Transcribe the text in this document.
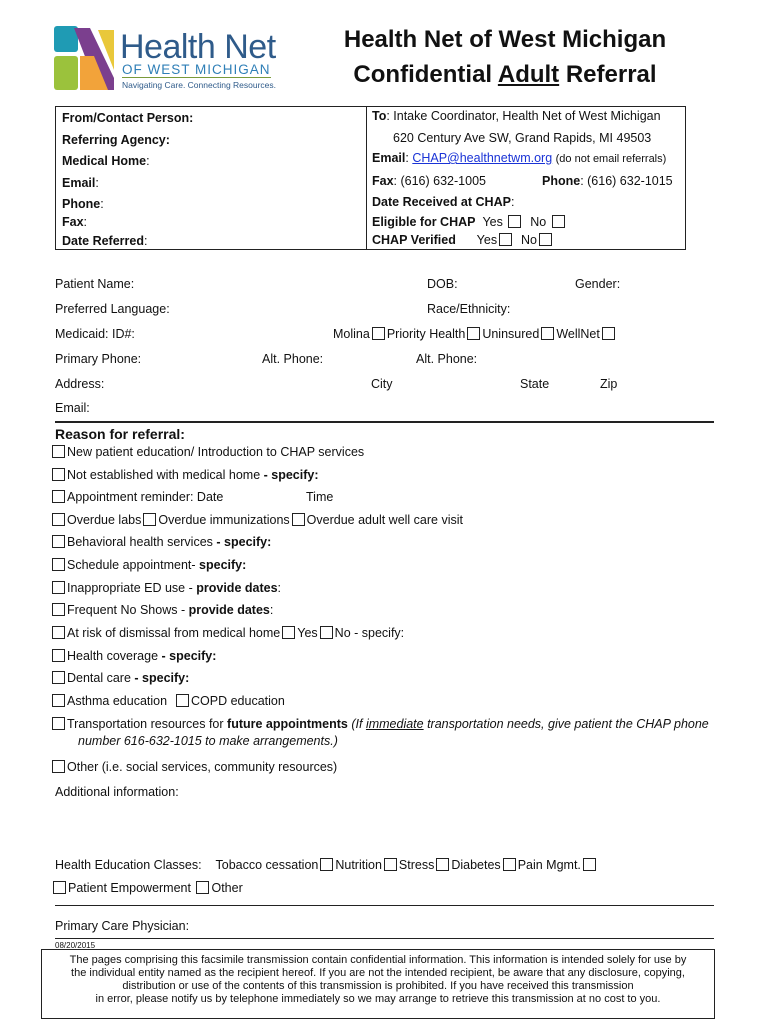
Health Net
OF WEST MICHIGAN
Navigating Care. Connecting Resources.
Health Net of West Michigan
Confidential Adult Referral
From/Contact Person:
Referring Agency:
Medical Home:
Email:
Phone:
Fax:
Date Referred:
To: Intake Coordinator, Health Net of West Michigan
620 Century Ave SW, Grand Rapids, MI 49503
Email: CHAP@healthnetwm.org (do not email referrals)
Fax: (616) 632-1005	Phone: (616) 632-1015
Date Received at CHAP:
Eligible for CHAP Yes No
CHAP Verified Yes No
Patient Name:	DOB:	Gender:
Preferred Language:	Race/Ethnicity:
Medicaid: ID#:	Molina Priority Health Uninsured WellNet
Primary Phone:	Alt. Phone:	Alt. Phone:
Address:	City	State	Zip
Email:
Reason for referral:
New patient education/ Introduction to CHAP services
Not established with medical home - specify:
Appointment reminder: Date	Time
Overdue labs Overdue immunizations Overdue adult well care visit
Behavioral health services - specify:
Schedule appointment- specify:
Inappropriate ED use - provide dates:
Frequent No Shows - provide dates:
At risk of dismissal from medical home Yes No - specify:
Health coverage - specify:
Dental care - specify:
Asthma education COPD education
Transportation resources for future appointments (If immediate transportation needs, give patient the CHAP phone
number 616-632-1015 to make arrangements.)
Other (i.e. social services, community resources)
Additional information:
Health Education Classes: Tobacco cessation Nutrition Stress Diabetes Pain Mgmt.
Patient Empowerment Other
Primary Care Physician:
08/20/2015
The pages comprising this facsimile transmission contain confidential information. This information is intended solely for use by
the individual entity named as the recipient hereof. If you are not the intended recipient, be aware that any disclosure, copying,
distribution or use of the contents of this transmission is prohibited. If you have received this transmission
in error, please notify us by telephone immediately so we may arrange to retrieve this transmission at no cost to you.
